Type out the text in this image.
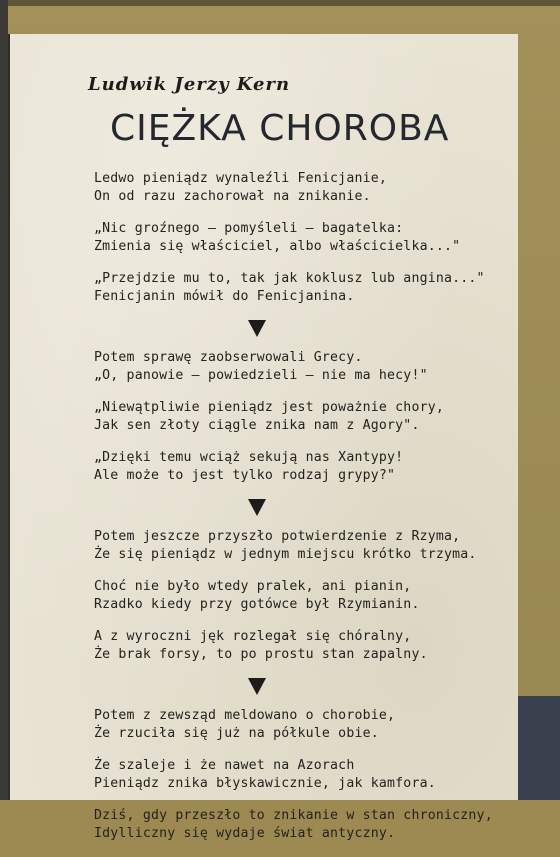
Ludwik Jerzy Kern

CIĘŻKA CHOROBA
Ledwo pieniądz wynaleźli Fenicjanie,
On od razu zachorował na znikanie.
„Nic groźnego — pomyśleli — bagatelka:
Zmienia się właściciel, albo właścicielka..."
„Przejdzie mu to, tak jak koklusz lub angina..."
Fenicjanin mówił do Fenicjanina.
Potem sprawę zaobserwowali Grecy.
„O, panowie — powiedzieli — nie ma hecy!"
„Niewątpliwie pieniądz jest poważnie chory,
Jak sen złoty ciągle znika nam z Agory".
„Dzięki temu wciąż sekują nas Xantypy!
Ale może to jest tylko rodzaj grypy?"
Potem jeszcze przyszło potwierdzenie z Rzyma,
Że się pieniądz w jednym miejscu krótko trzyma.
Choć nie było wtedy pralek, ani pianin,
Rzadko kiedy przy gotówce był Rzymianin.
A z wyroczni jęk rozlegał się chóralny,
Że brak forsy, to po prostu stan zapalny.
Potem z zewsząd meldowano o chorobie,
Że rzuciła się już na półkule obie.
Że szaleje i że nawet na Azorach
Pieniądz znika błyskawicznie, jak kamfora.
Dziś, gdy przeszło to znikanie w stan chroniczny,
Idylliczny się wydaje świat antyczny.
